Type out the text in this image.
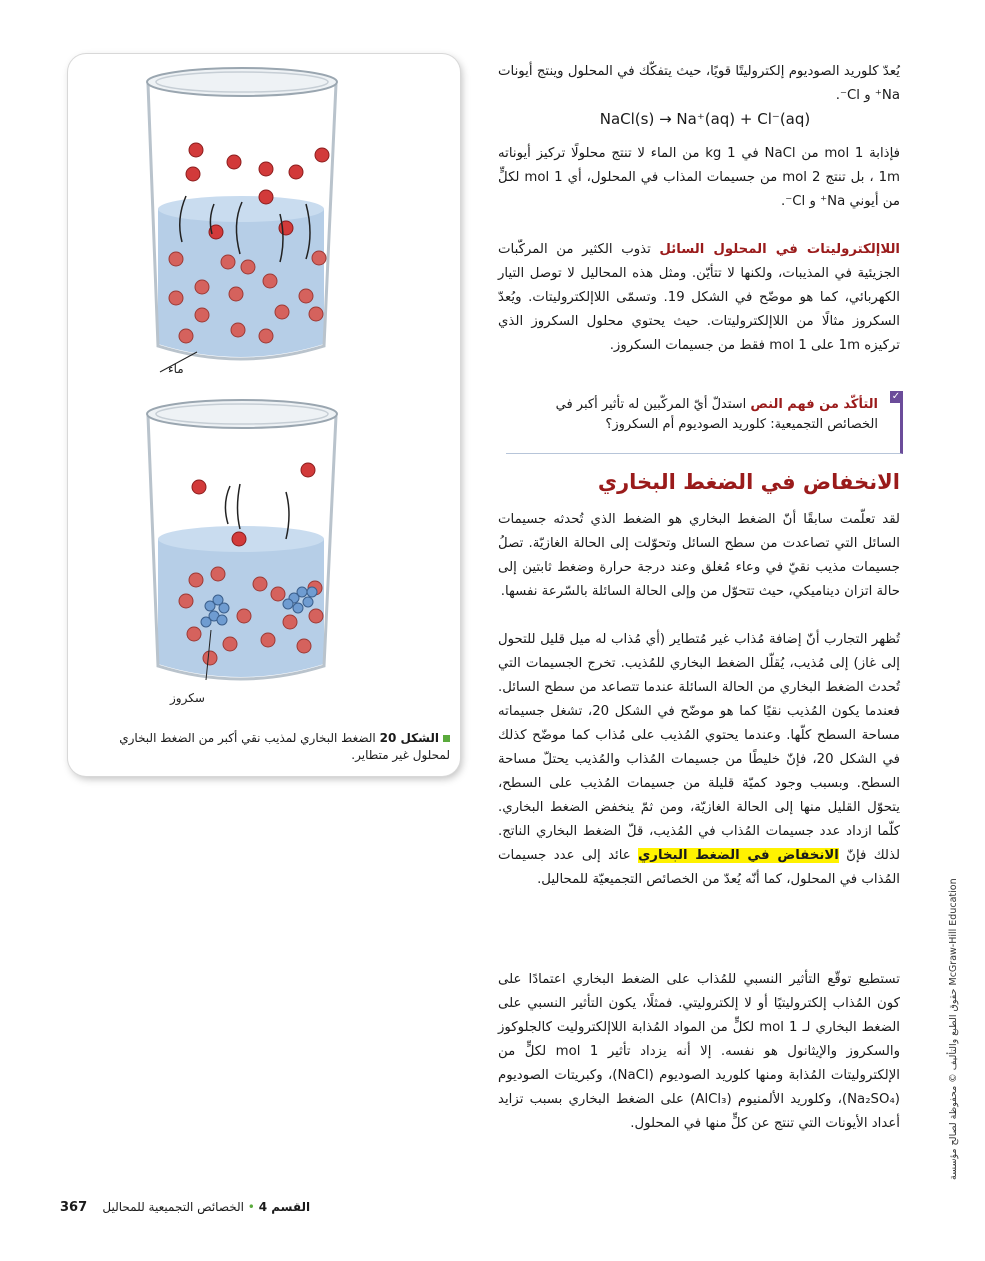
ماء
سكروز
الشكل 20 الضغط البخاري لمذيب نقي أكبر من الضغط البخاري لمحلول غير متطاير.

يُعدّ كلوريد الصوديوم إلكتروليتًا قويًا، حيث يتفكّك في المحلول وينتج أيونات Na⁺ و Cl⁻.

NaCl(s) → Na⁺(aq) + Cl⁻(aq)

فإذابة 1 mol من NaCl في 1 kg من الماء لا تنتج محلولًا تركيز أيوناته 1m ، بل تنتج 2 mol من جسيمات المذاب في المحلول، أي 1 mol لكلٍّ من أيوني Na⁺ و Cl⁻.

اللاإلكتروليتات في المحلول السائل تذوب الكثير من المركّبات الجزيئية في المذيبات، ولكنها لا تتأيّن. ومثل هذه المحاليل لا توصل التيار الكهربائي، كما هو موضّح في الشكل 19. وتسمّى اللاإلكتروليتات. ويُعدّ السكروز مثالًا من اللاإلكتروليتات. حيث يحتوي محلول السكروز الذي تركيزه 1m على 1 mol فقط من جسيمات السكروز.

✓
التأكّد من فهم النص استدلّ أيّ المركّبين له تأثير أكبر في الخصائص التجميعية: كلوريد الصوديوم أم السكروز؟
الانخفاض في الضغط البخاري

لقد تعلّمت سابقًا أنّ الضغط البخاري هو الضغط الذي تُحدثه جسيمات السائل التي تصاعدت من سطح السائل وتحوّلت إلى الحالة الغازيّة. تصلُ جسيمات مذيب نقيّ في وعاء مُغلق وعند درجة حرارة وضغط ثابتين إلى حالة اتزان ديناميكي، حيث تتحوّل من وإلى الحالة السائلة بالسّرعة نفسها.

تُظهر التجارب أنّ إضافة مُذاب غير مُتطاير (أي مُذاب له ميل قليل للتحول إلى غاز) إلى مُذيب، يُقلّل الضغط البخاري للمُذيب. تخرج الجسيمات التي تُحدث الضغط البخاري من الحالة السائلة عندما تتصاعد من سطح السائل. فعندما يكون المُذيب نقيًا كما هو موضّح في الشكل 20، تشغل جسيماته مساحة السطح كلّها. وعندما يحتوي المُذيب على مُذاب كما موضّح كذلك في الشكل 20، فإنّ خليطًا من جسيمات المُذاب والمُذيب يحتلّ مساحة السطح. وبسبب وجود كميّة قليلة من جسيمات المُذيب على السطح، يتحوّل القليل منها إلى الحالة الغازيّة، ومن ثمّ ينخفض الضغط البخاري. كلّما ازداد عدد جسيمات المُذاب في المُذيب، قلّ الضغط البخاري الناتج. لذلك فإنّ الانخفاض في الضغط البخاري عائد إلى عدد جسيمات المُذاب في المحلول، كما أنّه يُعدّ من الخصائص التجميعيّة للمحاليل.

تستطيع توقّع التأثير النسبي للمُذاب على الضغط البخاري اعتمادًا على كون المُذاب إلكتروليتيًا أو لا إلكتروليتي. فمثلًا، يكون التأثير النسبي على الضغط البخاري لـ 1 mol لكلٍّ من المواد المُذابة اللاإلكتروليت كالجلوكوز والسكروز والإيثانول هو نفسه. إلا أنه يزداد تأثير 1 mol لكلٍّ من الإلكتروليتات المُذابة ومنها كلوريد الصوديوم (NaCl)، وكبريتات الصوديوم (Na₂SO₄)، وكلوريد الألمنيوم (AlCl₃) على الضغط البخاري بسبب تزايد أعداد الأيونات التي تنتج عن كلٍّ منها في المحلول.	حقوق الطبع والتأليف © محفوظة لصالح مؤسسة McGraw-Hill Education
القسم 4 • الخصائص التجميعية للمحاليل    367
